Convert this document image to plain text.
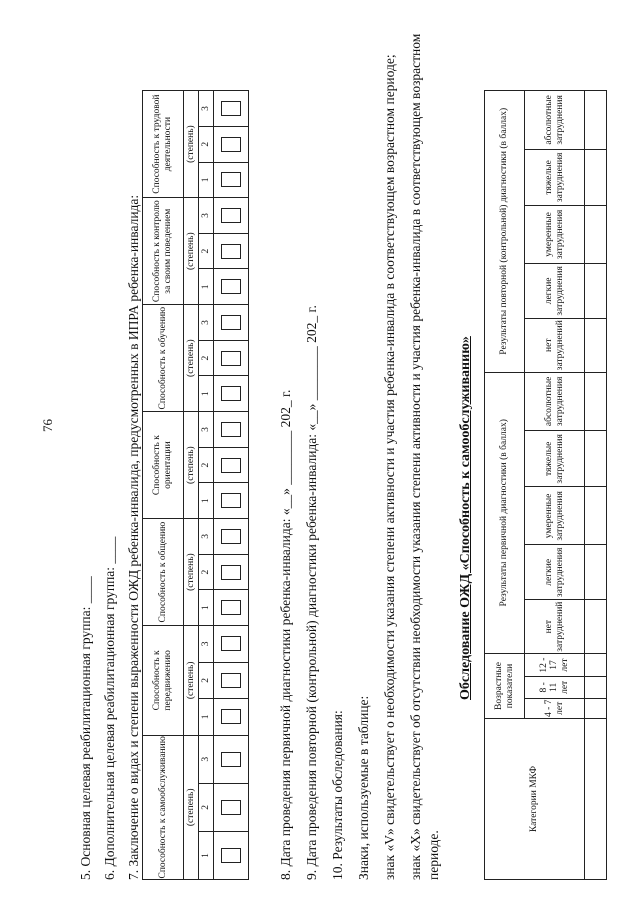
76
5. Основная целевая реабилитационная группа: ____ 6. Дополнительная целевая реабилитационная группа: ____ 7. Заключение о видах и степени выраженности ОЖД ребенка-инвалида, предусмотренных в ИПРА ребенка-инвалида: Способность к самообслуживанию			Способность к передвижению			Способность к общению			Способность к ориентации			Способность к обучению			Способность к контролю за своим поведением			Способность к трудовой деятельности		
(степень)			(степень)			(степень)			(степень)			(степень)			(степень)			(степень)		
1	2	3	1	2	3	1	2	3	1	2	3	1	2	3	1	2	3	1	2	3

8. Дата проведения первичной диагностики ребенка-инвалида: «__» ________ 202_ г. 9. Дата проведения повторной (контрольной) диагностики ребенка-инвалида: «__» ________ 202_ г. 10. Результаты обследования: Знаки, используемые в таблице: знак «V» свидетельствует о необходимости указания степени активности и участия ребенка-инвалида в соответствующем возрастном периоде; знак «X» свидетельствует об отсутствии необходимости указания степени активности и участия ребенка-инвалида в соответствующем возрастном периоде.
Обследование ОЖД «Способность к самообслуживанию»
Категории МКФ	Возрастные показатели			Результаты первичной диагностики (в баллах)					Результаты повторной (контрольной) диагностики (в баллах)				
	4 - 7 лет	8 - 11 лет	12 - 17 лет	нет затруднений	легкие затруднения	умеренные затруднения	тяжелые затруднения	абсолютные затруднения	нет затруднений	легкие затруднения	умеренные затруднения	тяжелые затруднения	абсолютные затруднения
